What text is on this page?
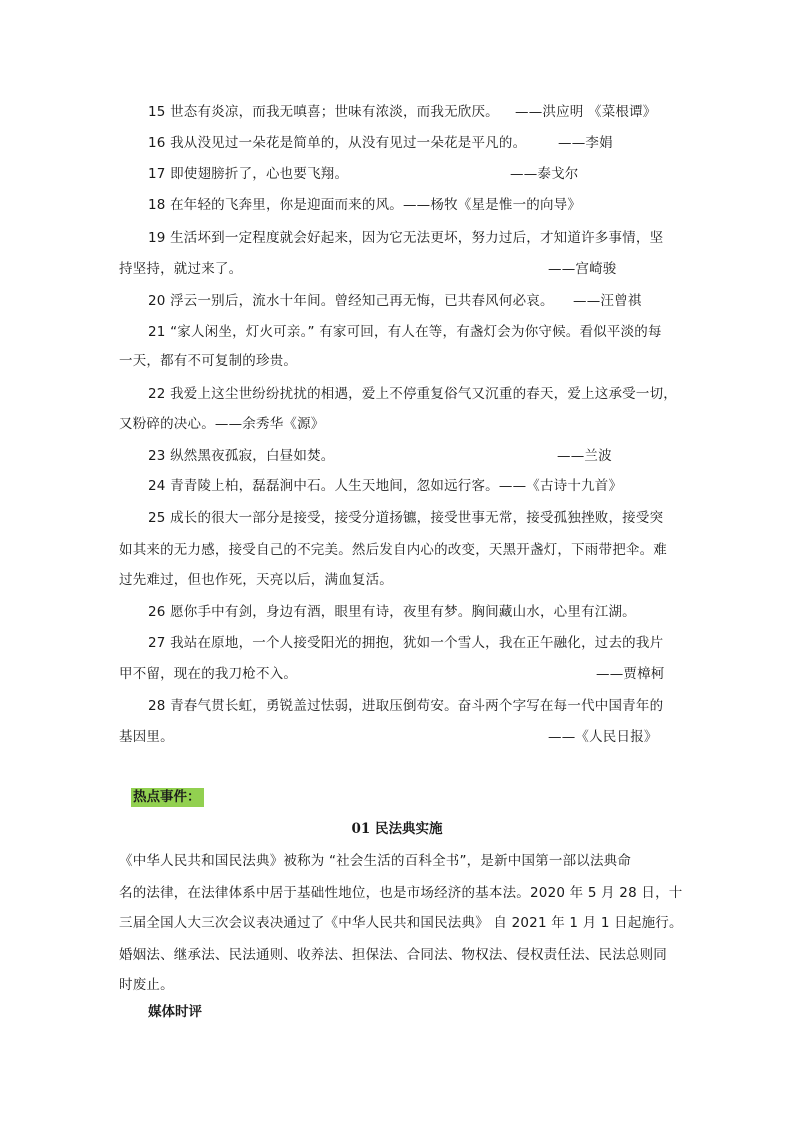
15 世态有炎凉，而我无嗔喜；世味有浓淡，而我无欣厌。 ——洪应明 《菜根谭》
16 我从没见过一朵花是简单的，从没有见过一朵花是平凡的。 ——李娟
17 即使翅膀折了，心也要飞翔。	——泰戈尔
18 在年轻的飞奔里，你是迎面而来的风。——杨牧《星是惟一的向导》
19 生活坏到一定程度就会好起来，因为它无法更坏，努力过后，才知道许多事情，坚
持坚持，就过来了。	——宫崎骏
20 浮云一别后，流水十年间。曾经知己再无悔，已共春风何必哀。 ——汪曾祺
21 “家人闲坐，灯火可亲。” 有家可回，有人在等，有盏灯会为你守候。看似平淡的每
一天，都有不可复制的珍贵。
22 我爱上这尘世纷纷扰扰的相遇，爱上不停重复俗气又沉重的春天，爱上这承受一切，
又粉碎的决心。——余秀华《源》
23 纵然黑夜孤寂，白昼如焚。	——兰波
24 青青陵上柏，磊磊涧中石。人生天地间，忽如远行客。——《古诗十九首》
25 成长的很大一部分是接受，接受分道扬镳，接受世事无常，接受孤独挫败，接受突
如其来的无力感，接受自己的不完美。然后发自内心的改变，天黑开盏灯，下雨带把伞。难
过先难过，但也作死，天亮以后，满血复活。
26 愿你手中有剑，身边有酒，眼里有诗，夜里有梦。胸间藏山水，心里有江湖。
27 我站在原地，一个人接受阳光的拥抱，犹如一个雪人，我在正午融化，过去的我片
甲不留，现在的我刀枪不入。	——贾樟柯
28 青春气贯长虹，勇锐盖过怯弱，进取压倒苟安。奋斗两个字写在每一代中国青年的
基因里。	——《人民日报》
热点事件：
01 民法典实施
《中华人民共和国民法典》被称为 “社会生活的百科全书”，是新中国第一部以法典命
名的法律，在法律体系中居于基础性地位，也是市场经济的基本法。2020 年 5 月 28 日，十
三届全国人大三次会议表决通过了《中华人民共和国民法典》 自 2021 年 1 月 1 日起施行。
婚姻法、继承法、民法通则、收养法、担保法、合同法、物权法、侵权责任法、民法总则同
时废止。
媒体时评
